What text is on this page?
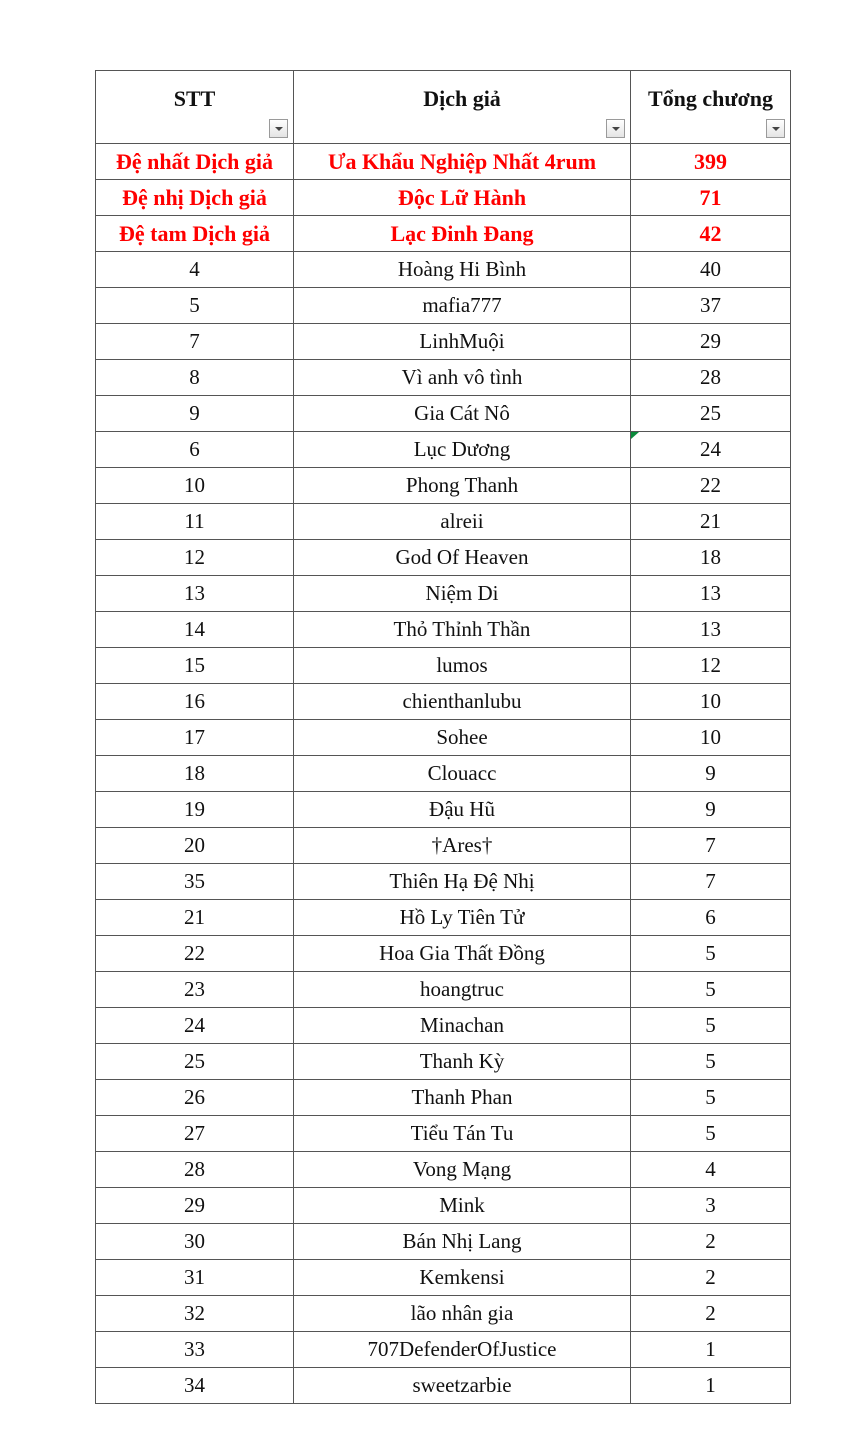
STT	Dịch giả	Tổng chương

Đệ nhất Dịch giả	Ưa Khẩu Nghiệp Nhất 4rum	399
Đệ nhị Dịch giả	Độc Lữ Hành	71
Đệ tam Dịch giả	Lạc Đinh Đang	42
4	Hoàng Hi Bình	40
5	mafia777	37
7	LinhMuội	29
8	Vì anh vô tình	28
9	Gia Cát Nô	25
6	Lục Dương	24
10	Phong Thanh	22
11	alreii	21
12	God Of Heaven	18
13	Niệm Di	13
14	Thỏ Thỉnh Thần	13
15	lumos	12
16	chienthanlubu	10
17	Sohee	10
18	Clouacc	9
19	Đậu Hũ	9
20	†Ares†	7
35	Thiên Hạ Đệ Nhị	7
21	Hồ Ly Tiên Tử	6
22	Hoa Gia Thất Đồng	5
23	hoangtruc	5
24	Minachan	5
25	Thanh Kỳ	5
26	Thanh Phan	5
27	Tiểu Tán Tu	5
28	Vong Mạng	4
29	Mink	3
30	Bán Nhị Lang	2
31	Kemkensi	2
32	lão nhân gia	2
33	707DefenderOfJustice	1
34	sweetzarbie	1
